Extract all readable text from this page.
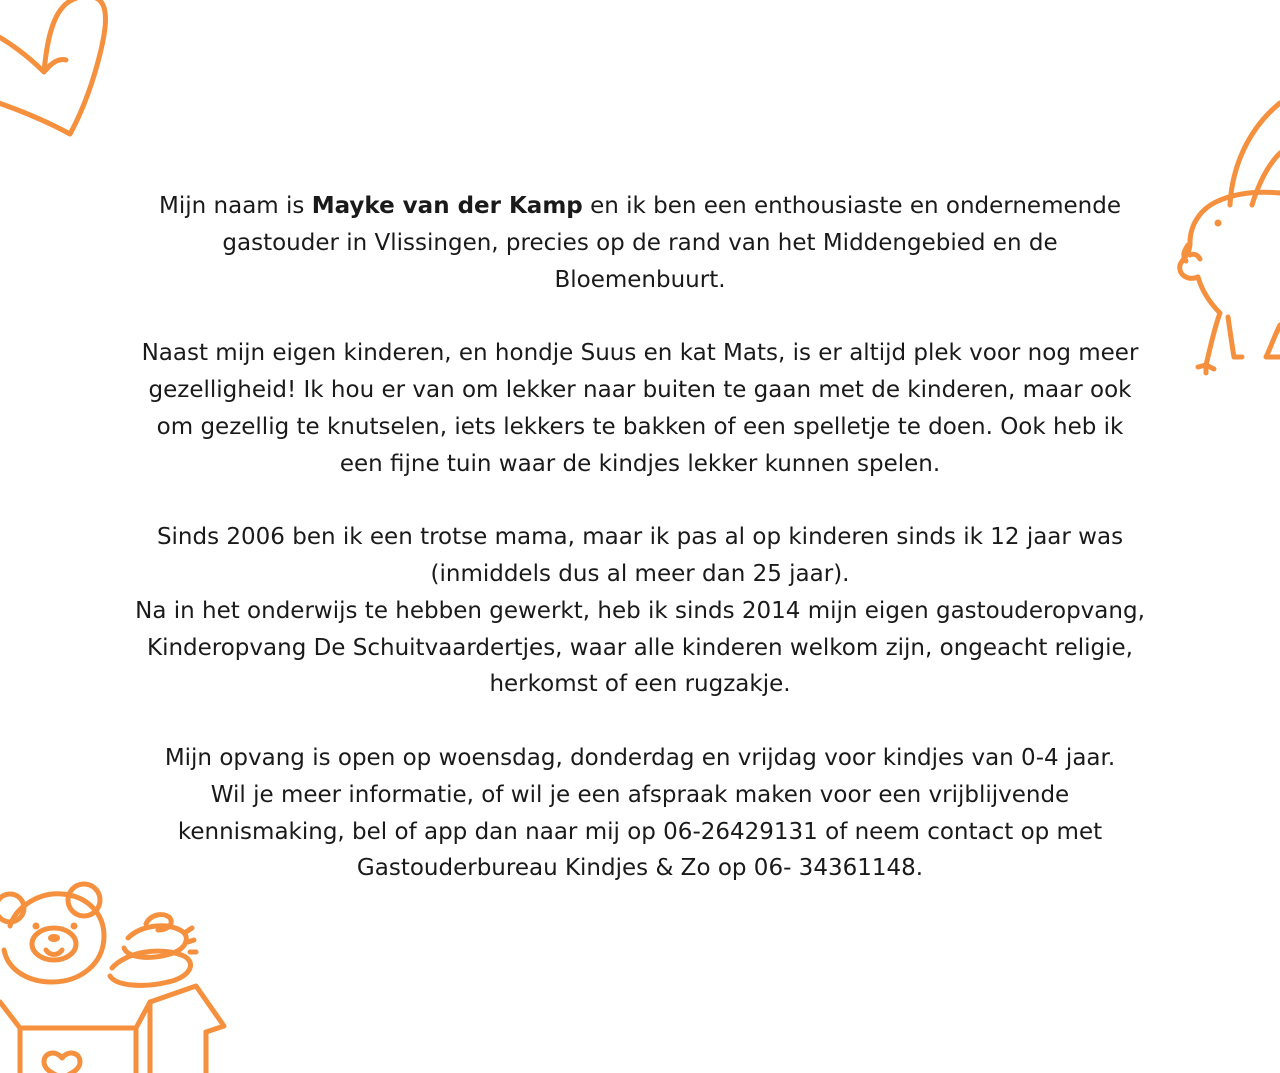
Mijn naam is Mayke van der Kamp en ik ben een enthousiaste en ondernemende
gastouder in Vlissingen, precies op de rand van het Middengebied en de
Bloemenbuurt.
Naast mijn eigen kinderen, en hondje Suus en kat Mats, is er altijd plek voor nog meer
gezelligheid! Ik hou er van om lekker naar buiten te gaan met de kinderen, maar ook
om gezellig te knutselen, iets lekkers te bakken of een spelletje te doen. Ook heb ik
een fijne tuin waar de kindjes lekker kunnen spelen.
Sinds 2006 ben ik een trotse mama, maar ik pas al op kinderen sinds ik 12 jaar was
(inmiddels dus al meer dan 25 jaar).
Na in het onderwijs te hebben gewerkt, heb ik sinds 2014 mijn eigen gastouderopvang,
Kinderopvang De Schuitvaardertjes, waar alle kinderen welkom zijn, ongeacht religie,
herkomst of een rugzakje.
Mijn opvang is open op woensdag, donderdag en vrijdag voor kindjes van 0-4 jaar.
Wil je meer informatie, of wil je een afspraak maken voor een vrijblijvende
kennismaking, bel of app dan naar mij op 06-26429131 of neem contact op met
Gastouderbureau Kindjes & Zo op 06- 34361148.
